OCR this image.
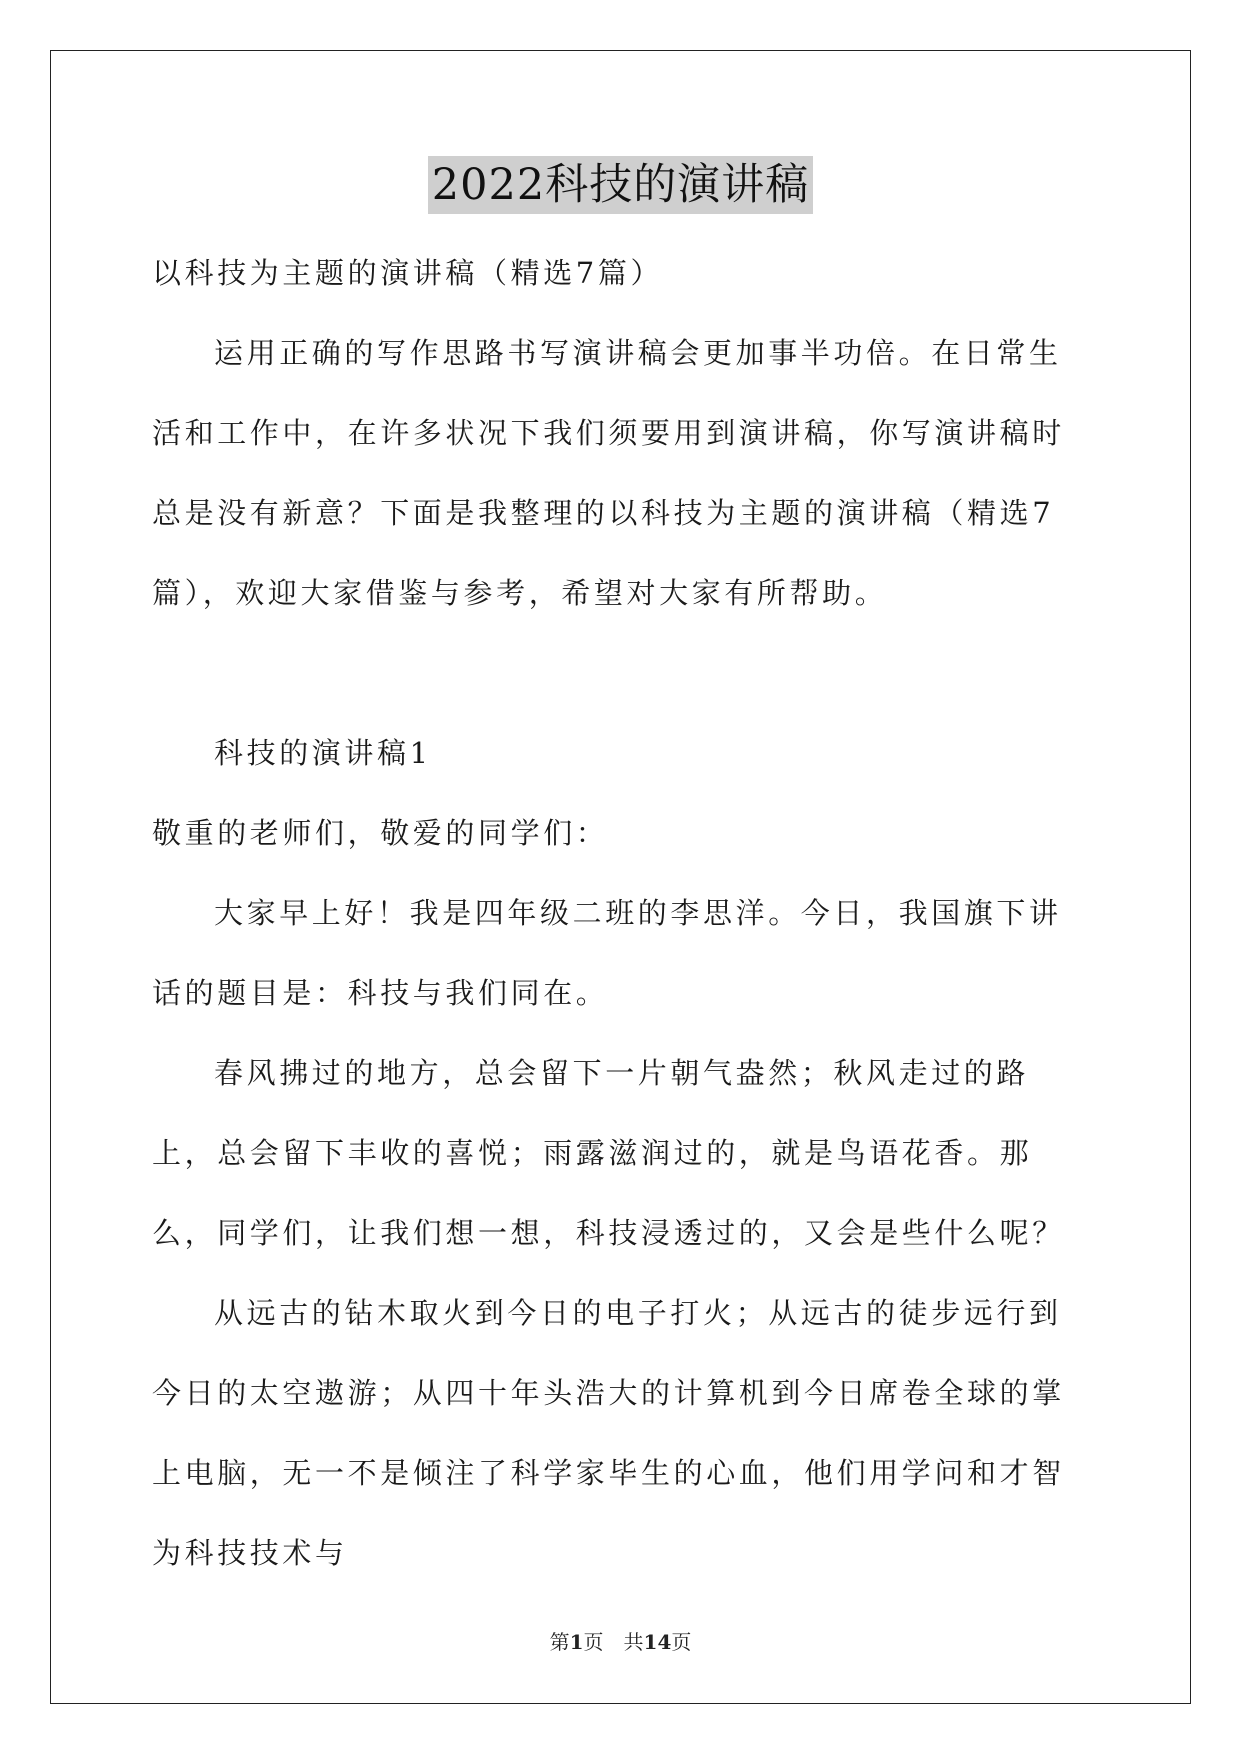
2022科技的演讲稿

以科技为主题的演讲稿（精选7篇）

运用正确的写作思路书写演讲稿会更加事半功倍。在日常生活和工作中，在许多状况下我们须要用到演讲稿，你写演讲稿时总是没有新意？下面是我整理的以科技为主题的演讲稿（精选7篇），欢迎大家借鉴与参考，希望对大家有所帮助。

科技的演讲稿1

敬重的老师们，敬爱的同学们：

大家早上好！我是四年级二班的李思洋。今日，我国旗下讲话的题目是：科技与我们同在。

春风拂过的地方，总会留下一片朝气盎然；秋风走过的路上，总会留下丰收的喜悦；雨露滋润过的，就是鸟语花香。那么，同学们，让我们想一想，科技浸透过的，又会是些什么呢？

从远古的钻木取火到今日的电子打火；从远古的徒步远行到今日的太空遨游；从四十年头浩大的计算机到今日席卷全球的掌上电脑，无一不是倾注了科学家毕生的心血，他们用学问和才智为科技技术与

第1页　共14页
